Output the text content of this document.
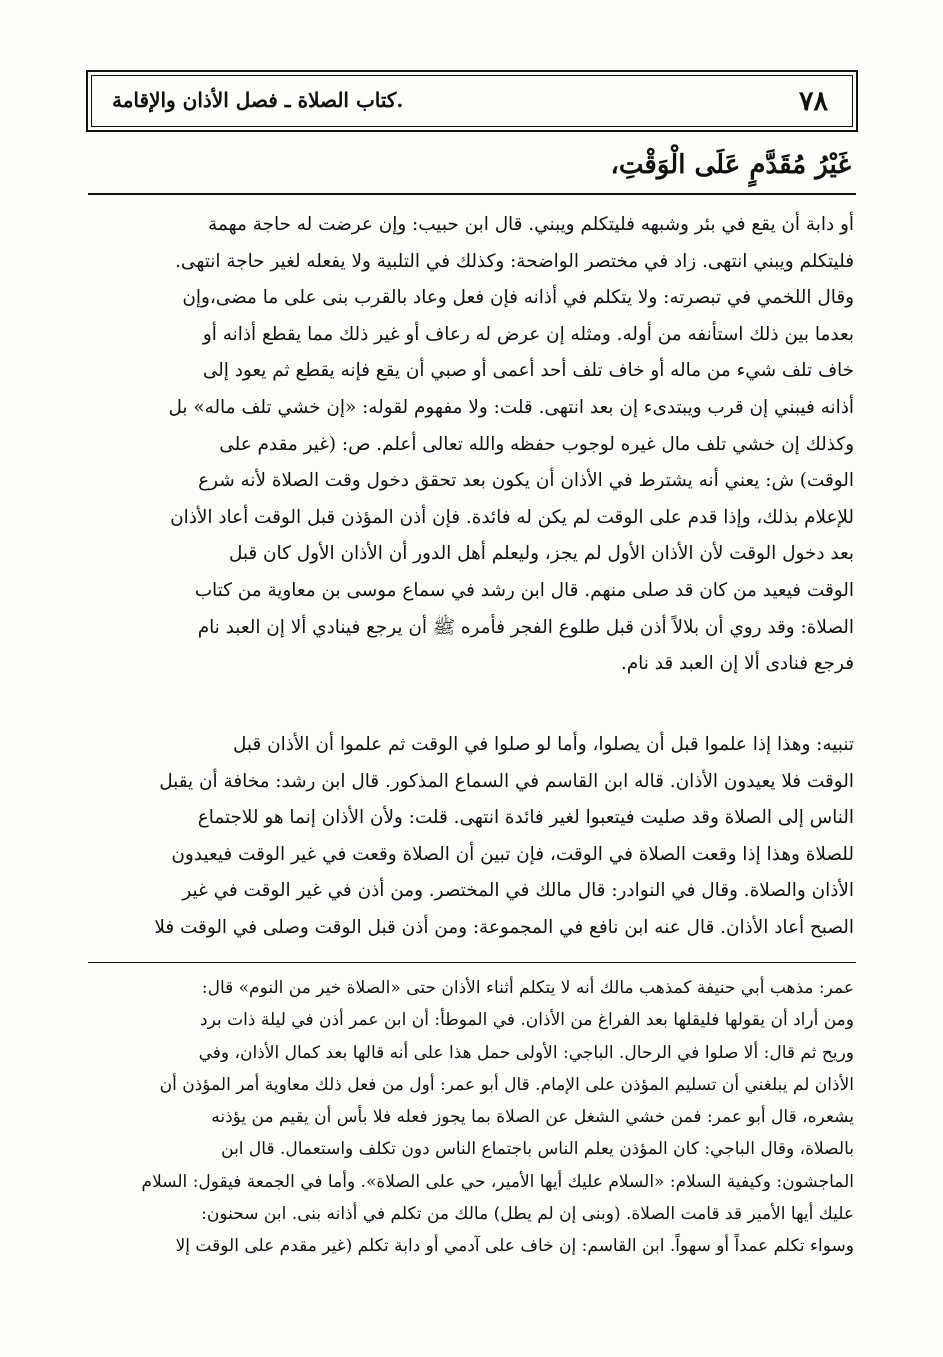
٧٨
.كتاب الصلاة ـ فصل الأذان والإقامة
غَيْرُ مُقَدَّمٍ عَلَى الْوَقْتِ،
أو دابة أن يقع في بئر وشبهه فليتكلم ويبني. قال ابن حبيب: وإن عرضت له حاجة مهمة
فليتكلم ويبني انتهى. زاد في مختصر الواضحة: وكذلك في التلبية ولا يفعله لغير حاجة انتهى.
وقال اللخمي في تبصرته: ولا يتكلم في أذانه فإن فعل وعاد بالقرب بنى على ما مضى،وإن
بعدما بين ذلك استأنفه من أوله. ومثله إن عرض له رعاف أو غير ذلك مما يقطع أذانه أو
خاف تلف شيء من ماله أو خاف تلف أحد أعمى أو صبي أن يقع فإنه يقطع ثم يعود إلى
أذانه فيبني إن قرب ويبتدىء إن بعد انتهى. قلت: ولا مفهوم لقوله: «إن خشي تلف ماله» بل
وكذلك إن خشي تلف مال غيره لوجوب حفظه والله تعالى أعلم. ص: (غير مقدم على
الوقت) ش: يعني أنه يشترط في الأذان أن يكون بعد تحقق دخول وقت الصلاة لأنه شرع
للإعلام بذلك، وإذا قدم على الوقت لم يكن له فائدة. فإن أذن المؤذن قبل الوقت أعاد الأذان
بعد دخول الوقت لأن الأذان الأول لم يجز، وليعلم أهل الدور أن الأذان الأول كان قبل
الوقت فيعيد من كان قد صلى منهم. قال ابن رشد في سماع موسى بن معاوية من كتاب
الصلاة: وقد روي أن بلالاً أذن قبل طلوع الفجر فأمره ﷺ أن يرجع فينادي ألا إن العبد نام
فرجع فنادى ألا إن العبد قد نام.
تنبيه: وهذا إذا علموا قبل أن يصلوا، وأما لو صلوا في الوقت ثم علموا أن الأذان قبل
الوقت فلا يعيدون الأذان. قاله ابن القاسم في السماع المذكور. قال ابن رشد: مخافة أن يقبل
الناس إلى الصلاة وقد صليت فيتعبوا لغير فائدة انتهى. قلت: ولأن الأذان إنما هو للاجتماع
للصلاة وهذا إذا وقعت الصلاة في الوقت، فإن تبين أن الصلاة وقعت في غير الوقت فيعيدون
الأذان والصلاة. وقال في النوادر: قال مالك في المختصر. ومن أذن في غير الوقت في غير
الصبح أعاد الأذان. قال عنه ابن نافع في المجموعة: ومن أذن قبل الوقت وصلى في الوقت فلا
عمر: مذهب أبي حنيفة كمذهب مالك أنه لا يتكلم أثناء الأذان حتى «الصلاة خير من النوم» قال:
ومن أراد أن يقولها فليقلها بعد الفراغ من الأذان. في الموطأ: أن ابن عمر أذن في ليلة ذات برد
وريح ثم قال: ألا صلوا في الرحال. الباجي: الأولى حمل هذا على أنه قالها بعد كمال الأذان، وفي
الأذان لم يبلغني أن تسليم المؤذن على الإمام. قال أبو عمر: أول من فعل ذلك معاوية أمر المؤذن أن
يشعره، قال أبو عمر: فمن خشي الشغل عن الصلاة بما يجوز فعله فلا بأس أن يقيم من يؤذنه
بالصلاة، وقال الباجي: كان المؤذن يعلم الناس باجتماع الناس دون تكلف واستعمال. قال ابن
الماجشون: وكيفية السلام: «السلام عليك أيها الأمير، حي على الصلاة». وأما في الجمعة فيقول: السلام
عليك أيها الأمير قد قامت الصلاة. (وبنى إن لم يطل) مالك من تكلم في أذانه بنى. ابن سحنون:
وسواء تكلم عمداً أو سهواً. ابن القاسم: إن خاف على آدمي أو دابة تكلم (غير مقدم على الوقت إلا
